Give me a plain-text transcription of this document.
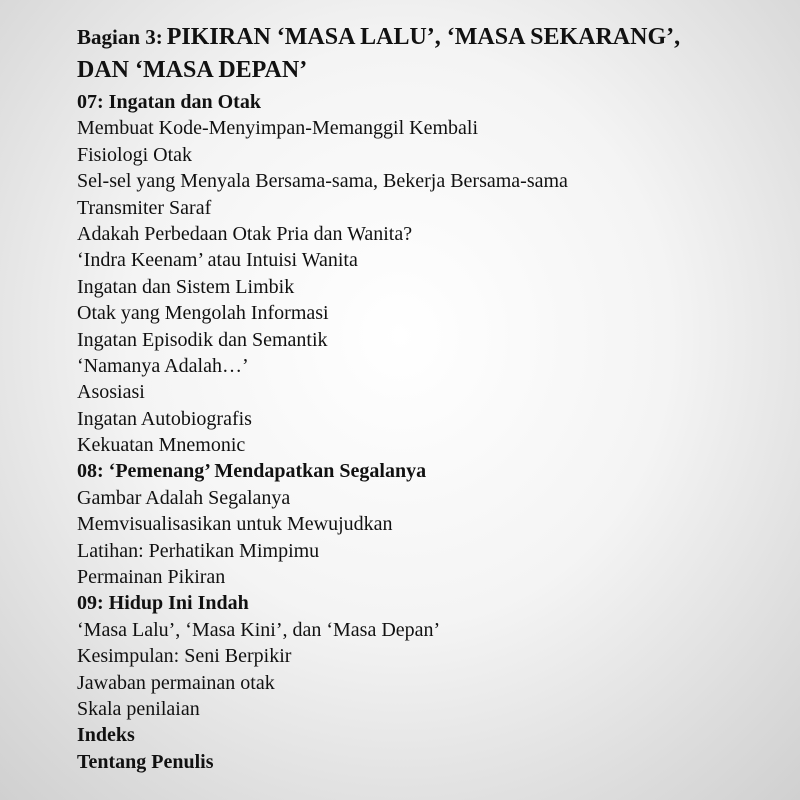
Bagian 3: PIKIRAN ‘MASA LALU’, ‘MASA SEKARANG’,
DAN ‘MASA DEPAN’
07: Ingatan dan Otak
Membuat Kode-Menyimpan-Memanggil Kembali
Fisiologi Otak
Sel-sel yang Menyala Bersama-sama, Bekerja Bersama-sama
Transmiter Saraf
Adakah Perbedaan Otak Pria dan Wanita?
‘Indra Keenam’ atau Intuisi Wanita
Ingatan dan Sistem Limbik
Otak yang Mengolah Informasi
Ingatan Episodik dan Semantik
‘Namanya Adalah…’
Asosiasi
Ingatan Autobiografis
Kekuatan Mnemonic
08: ‘Pemenang’ Mendapatkan Segalanya
Gambar Adalah Segalanya
Memvisualisasikan untuk Mewujudkan
Latihan: Perhatikan Mimpimu
Permainan Pikiran
09: Hidup Ini Indah
‘Masa Lalu’, ‘Masa Kini’, dan ‘Masa Depan’
Kesimpulan: Seni Berpikir
Jawaban permainan otak
Skala penilaian
Indeks
Tentang Penulis
